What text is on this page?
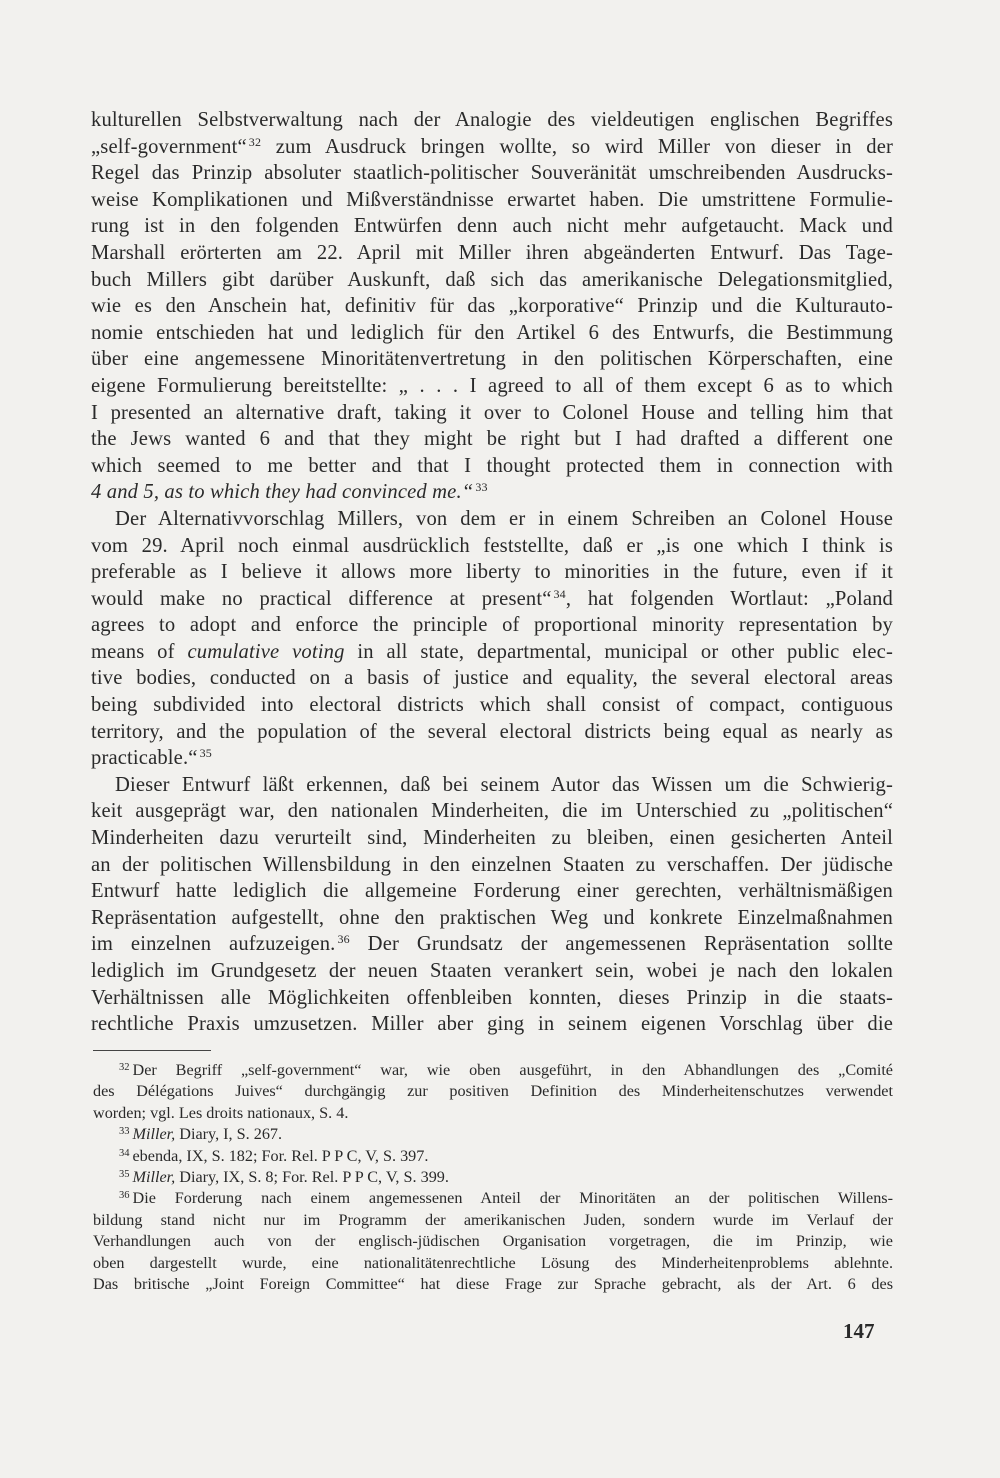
kulturellen Selbstverwaltung nach der Analogie des vieldeutigen englischen Begriffes
„self-government“ $^{32}$ zum Ausdruck bringen wollte, so wird Miller von dieser in der
Regel das Prinzip absoluter staatlich-politischer Souveränität umschreibenden Ausdrucks-
weise Komplikationen und Mißverständnisse erwartet haben. Die umstrittene Formulie-
rung ist in den folgenden Entwürfen denn auch nicht mehr aufgetaucht. Mack und
Marshall erörterten am 22. April mit Miller ihren abgeänderten Entwurf. Das Tage-
buch Millers gibt darüber Auskunft, daß sich das amerikanische Delegationsmitglied,
wie es den Anschein hat, definitiv für das „korporative“ Prinzip und die Kulturauto-
nomie entschieden hat und lediglich für den Artikel 6 des Entwurfs, die Bestimmung
über eine angemessene Minoritätenvertretung in den politischen Körperschaften, eine
eigene Formulierung bereitstellte: „ . . . I agreed to all of them except 6 as to which
I presented an alternative draft, taking it over to Colonel House and telling him that
the Jews wanted 6 and that they might be right but I had drafted a different one
which seemed to me better and that I thought protected them in connection with
4 and 5, as to which they had convinced me.“ $^{33}$

Der Alternativvorschlag Millers, von dem er in einem Schreiben an Colonel House
vom 29. April noch einmal ausdrücklich feststellte, daß er „is one which I think is
preferable as I believe it allows more liberty to minorities in the future, even if it
would make no practical difference at present“ $^{34}$, hat folgenden Wortlaut: „Poland
agrees to adopt and enforce the principle of proportional minority representation by
means of cumulative voting in all state, departmental, municipal or other public elec-
tive bodies, conducted on a basis of justice and equality, the several electoral areas
being subdivided into electoral districts which shall consist of compact, contiguous
territory, and the population of the several electoral districts being equal as nearly as
practicable.“ $^{35}$

Dieser Entwurf läßt erkennen, daß bei seinem Autor das Wissen um die Schwierig-
keit ausgeprägt war, den nationalen Minderheiten, die im Unterschied zu „politischen“
Minderheiten dazu verurteilt sind, Minderheiten zu bleiben, einen gesicherten Anteil
an der politischen Willensbildung in den einzelnen Staaten zu verschaffen. Der jüdische
Entwurf hatte lediglich die allgemeine Forderung einer gerechten, verhältnismäßigen
Repräsentation aufgestellt, ohne den praktischen Weg und konkrete Einzelmaßnahmen
im einzelnen aufzuzeigen. $^{36}$ Der Grundsatz der angemessenen Repräsentation sollte
lediglich im Grundgesetz der neuen Staaten verankert sein, wobei je nach den lokalen
Verhältnissen alle Möglichkeiten offenbleiben konnten, dieses Prinzip in die staats-
rechtliche Praxis umzusetzen. Miller aber ging in seinem eigenen Vorschlag über die

$^{32}$ Der Begriff „self-government“ war, wie oben ausgeführt, in den Abhandlungen des „Comité
des Délégations Juives“ durchgängig zur positiven Definition des Minderheitenschutzes verwendet
worden; vgl. Les droits nationaux, S. 4.
$^{33}$ Miller, Diary, I, S. 267.
$^{34}$ ebenda, IX, S. 182; For. Rel. P P C, V, S. 397.
$^{35}$ Miller, Diary, IX, S. 8; For. Rel. P P C, V, S. 399.
$^{36}$ Die Forderung nach einem angemessenen Anteil der Minoritäten an der politischen Willens-
bildung stand nicht nur im Programm der amerikanischen Juden, sondern wurde im Verlauf der
Verhandlungen auch von der englisch-jüdischen Organisation vorgetragen, die im Prinzip, wie
oben dargestellt wurde, eine nationalitätenrechtliche Lösung des Minderheitenproblems ablehnte.
Das britische „Joint Foreign Committee“ hat diese Frage zur Sprache gebracht, als der Art. 6 des
147
